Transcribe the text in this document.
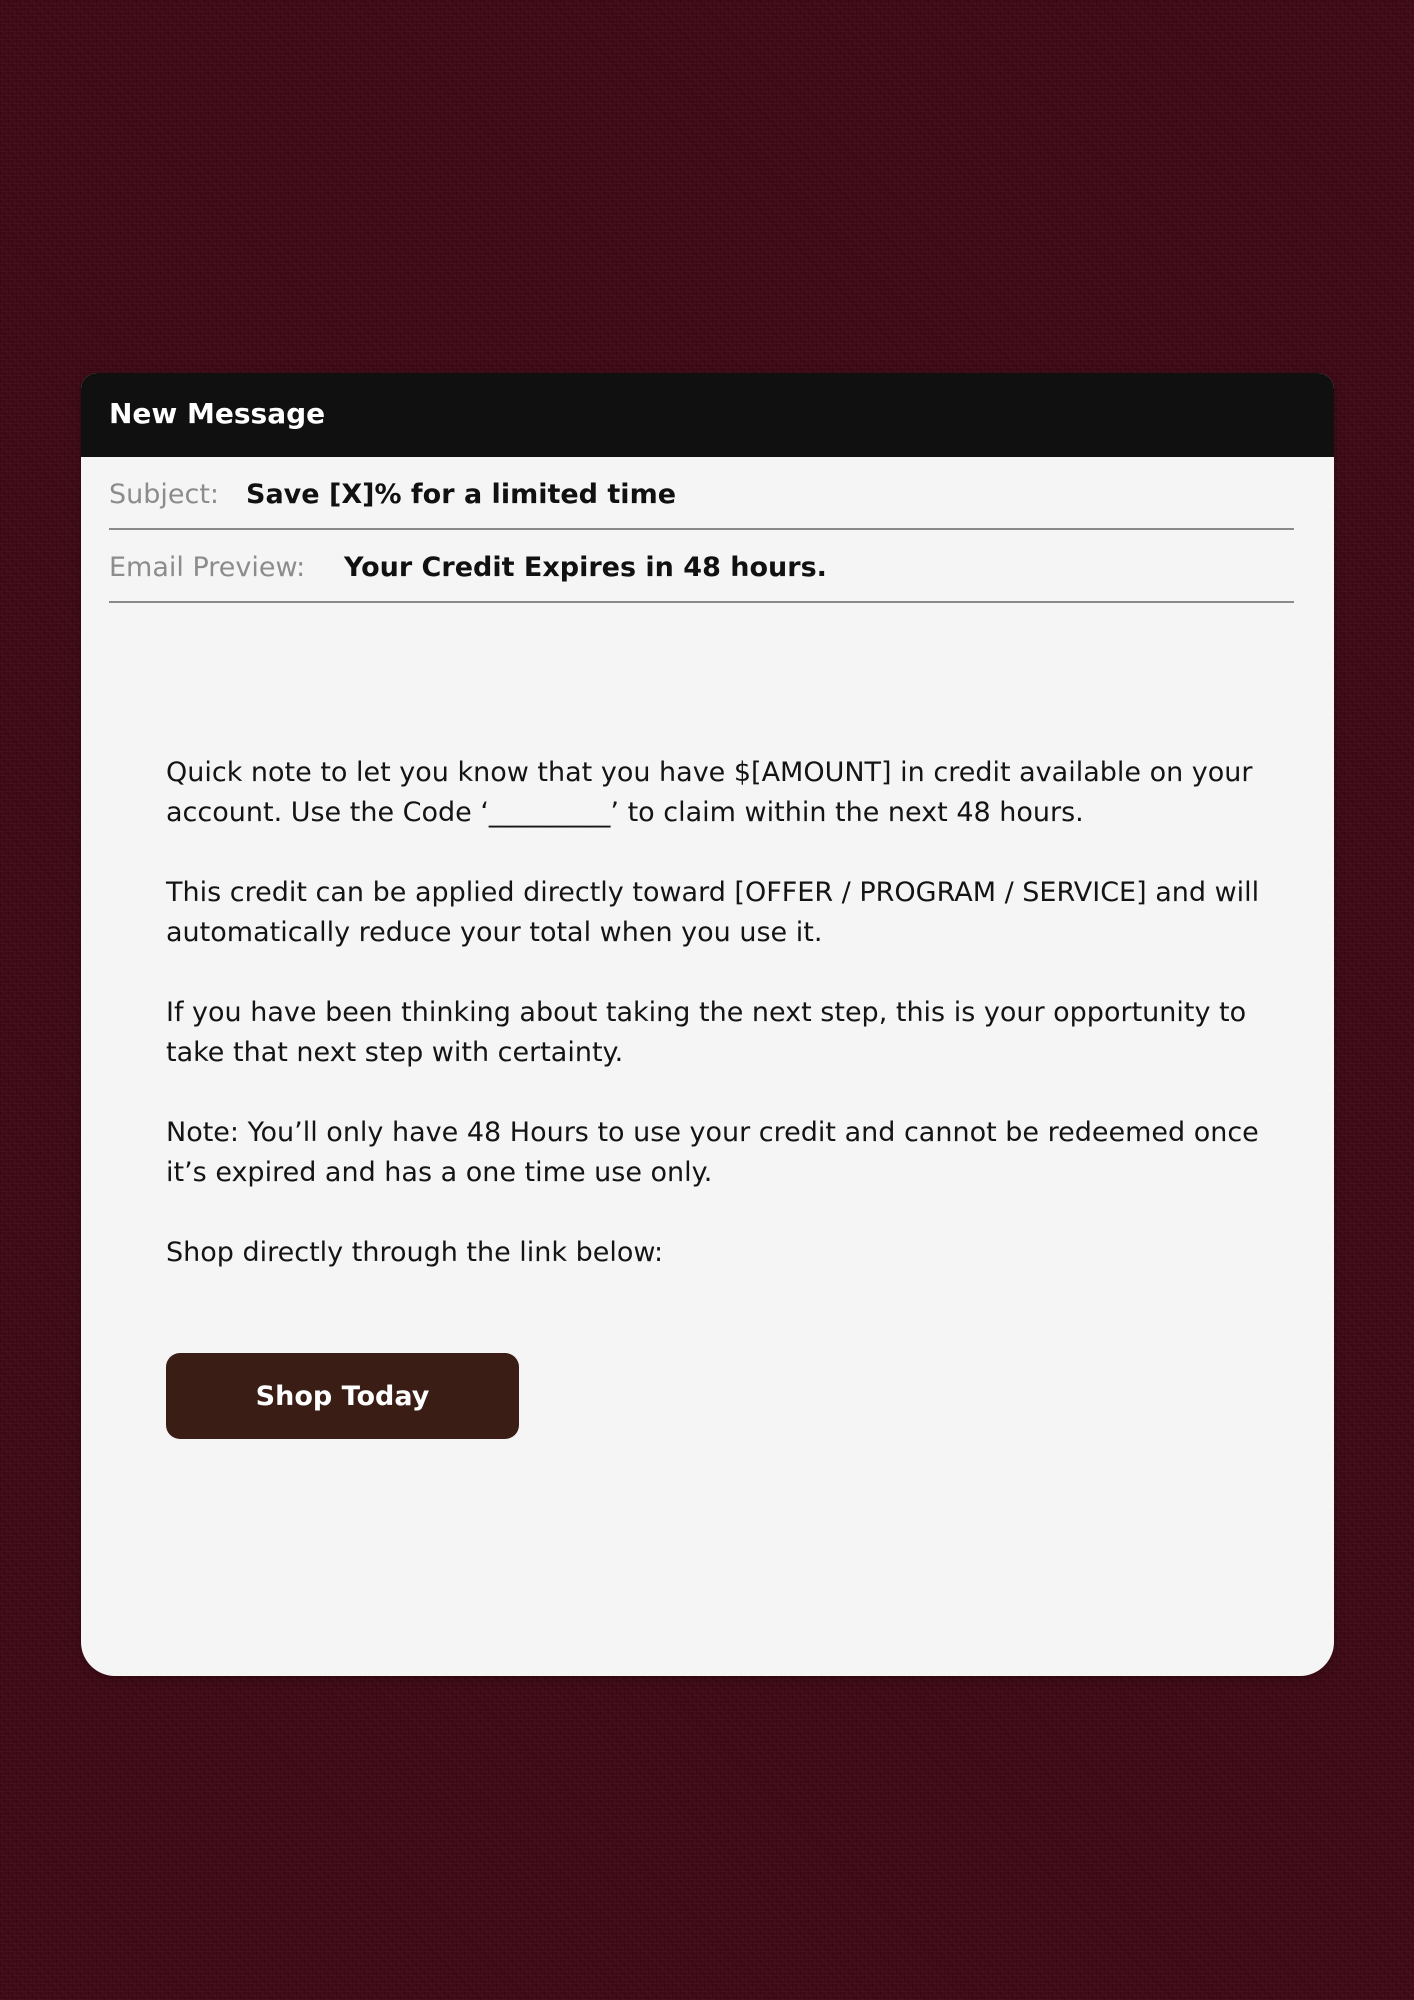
New Message
Subject: Save [X]% for a limited time
Email Preview: Your Credit Expires in 48 hours.

Quick note to let you know that you have $[AMOUNT] in credit available on your account. Use the Code ‘_________’ to claim within the next 48 hours.

This credit can be applied directly toward [OFFER / PROGRAM / SERVICE] and will automatically reduce your total when you use it.

If you have been thinking about taking the next step, this is your opportunity to take that next step with certainty.

Note: You’ll only have 48 Hours to use your credit and cannot be redeemed once it’s expired and has a one time use only.

Shop directly through the link below:

Shop Today
